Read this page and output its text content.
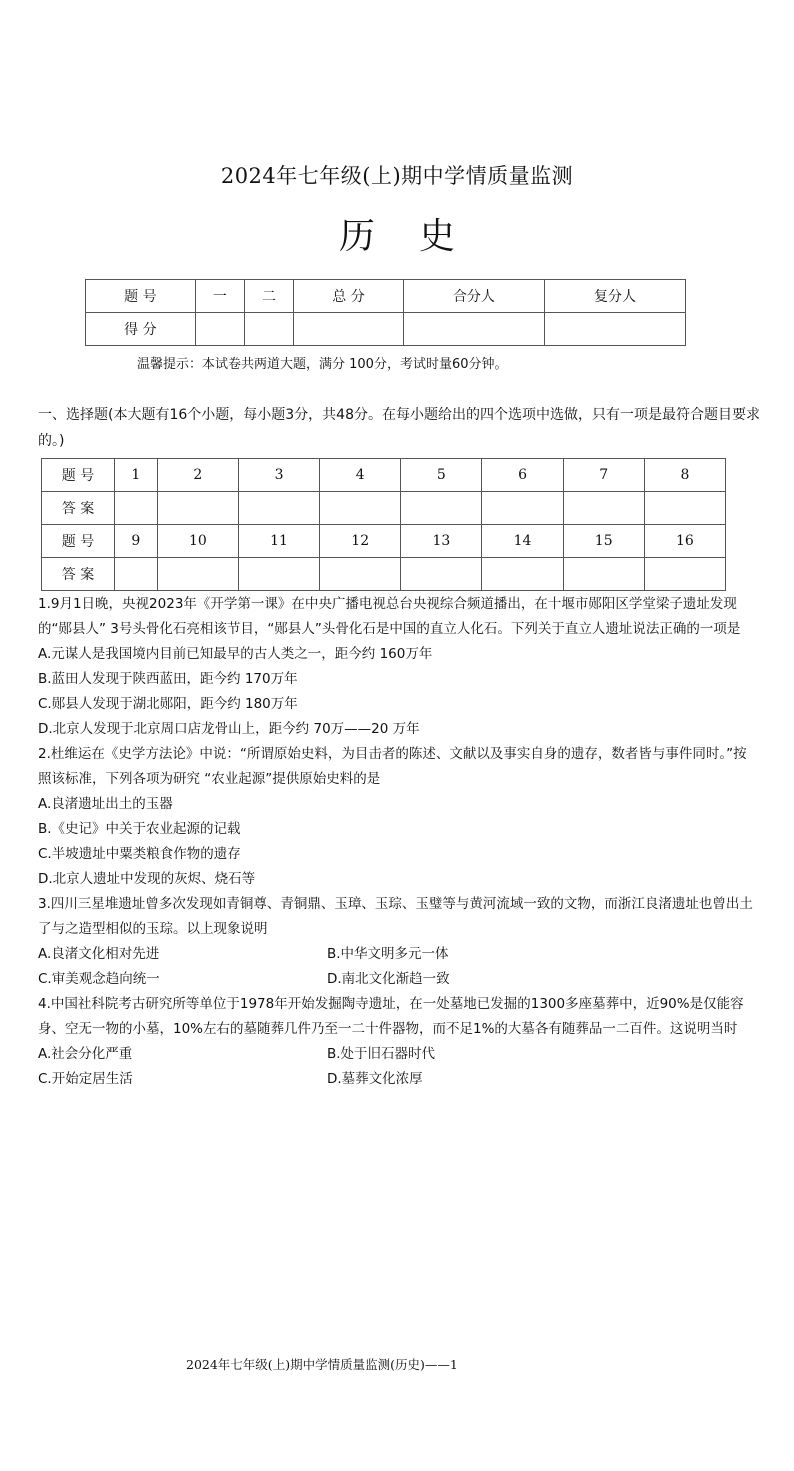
2024年七年级(上)期中学情质量监测
历史
题 号	一	二	总 分	合分人	复分人
得 分					
温馨提示：本试卷共两道大题，满分 100分，考试时量60分钟。
一、选择题(本大题有16个小题，每小题3分，共48分。在每小题给出的四个选项中选做，只有一项是最符合题目要求的。)
题 号	1	2	3	4	5	6	7	8
答 案								
题 号	9	10	11	12	13	14	15	16
答 案								

1.9月1日晚，央视2023年《开学第一课》在中央广播电视总台央视综合频道播出，在十堰市郧阳区学堂梁子遗址发现的“郧县人” 3号头骨化石亮相该节目，“郧县人”头骨化石是中国的直立人化石。下列关于直立人遗址说法正确的一项是

A.元谋人是我国境内目前已知最早的古人类之一，距今约 160万年

B.蓝田人发现于陕西蓝田，距今约 170万年

C.郧县人发现于湖北郧阳，距今约 180万年

D.北京人发现于北京周口店龙骨山上，距今约 70万——20 万年

2.杜维运在《史学方法论》中说：“所谓原始史料，为目击者的陈述、文献以及事实自身的遗存，数者皆与事件同时。”按照该标准，下列各项为研究 “农业起源”提供原始史料的是

A.良渚遗址出土的玉器

B.《史记》中关于农业起源的记载

C.半坡遗址中粟类粮食作物的遗存

D.北京人遗址中发现的灰烬、烧石等

3.四川三星堆遗址曾多次发现如青铜尊、青铜鼎、玉璋、玉琮、玉璧等与黄河流域一致的文物，而浙江良渚遗址也曾出土了与之造型相似的玉琮。以上现象说明

A.良渚文化相对先进	B.中华文明多元一体
C.审美观念趋向统一	D.南北文化渐趋一致

4.中国社科院考古研究所等单位于1978年开始发掘陶寺遗址，在一处墓地已发掘的1300多座墓葬中，近90%是仅能容身、空无一物的小墓，10%左右的墓随葬几件乃至一二十件器物，而不足1%的大墓各有随葬品一二百件。这说明当时

A.社会分化严重	B.处于旧石器时代
C.开始定居生活	D.墓葬文化浓厚
2024年七年级(上)期中学情质量监测(历史)——1
